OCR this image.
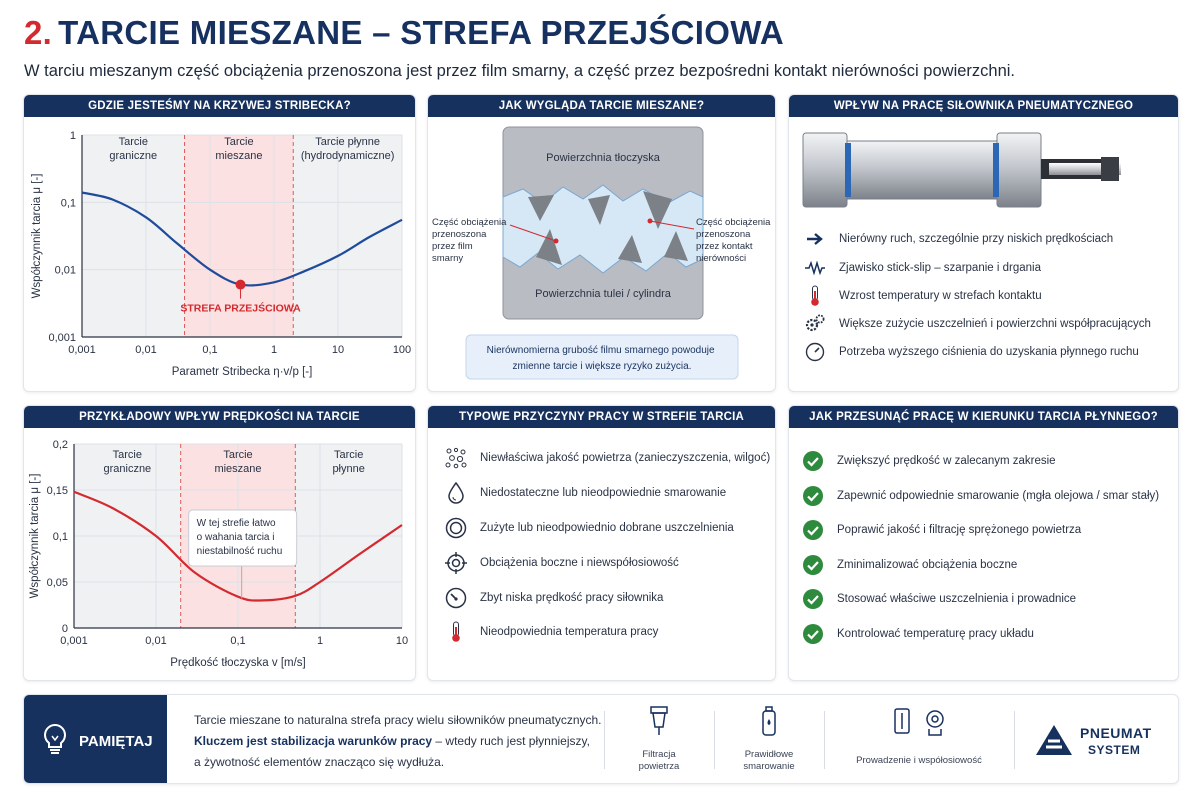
2. TARCIE MIESZANE – STREFA PRZEJŚCIOWA
W tarciu mieszanym część obciążenia przenoszona jest przez film smarny, a część przez bezpośredni kontakt nierówności powierzchni.
GDZIE JESTEŚMY NA KRZYWEJ STRIBECKA?
0,001	0,01	0,1	1	10	100
1
0,1
0,01
0,001
Tarcie
graniczne
Tarcie
mieszane
Tarcie płynne
(hydrodynamiczne)
STREFA PRZEJŚCIOWA
Parametr Stribecka η·v/p [-]
Współczynnik tarcia μ [-]
JAK WYGLĄDA TARCIE MIESZANE?
Powierzchnia tłoczyska
Powierzchnia tulei / cylindra
Część obciążenia przenoszona przez film smarny
Część obciążenia przenoszona przez kontakt nierówności
Nierównomierna grubość filmu smarnego powoduje zmienne tarcie i większe ryzyko zużycia.
WPŁYW NA PRACĘ SIŁOWNIKA PNEUMATYCZNEGO
Nierówny ruch, szczególnie przy niskich prędkościach
Zjawisko stick-slip – szarpanie i drgania
Wzrost temperatury w strefach kontaktu
Większe zużycie uszczelnień i powierzchni współpracujących
Potrzeba wyższego ciśnienia do uzyskania płynnego ruchu
PRZYKŁADOWY WPŁYW PRĘDKOŚCI NA TARCIE
0,001	0,01	0,1	1	10
0,2
0,15
0,1
0,05
0
Tarcie
graniczne
Tarcie
mieszane
Tarcie
płynne
W tej strefie łatwo
o wahania tarcia i
niestabilność ruchu
Prędkość tłoczyska v [m/s]
Współczynnik tarcia μ [-]
TYPOWE PRZYCZYNY PRACY W STREFIE TARCIA MIESZANEGO
Niewłaściwa jakość powietrza (zanieczyszczenia, wilgoć)
Niedostateczne lub nieodpowiednie smarowanie
Zużyte lub nieodpowiednio dobrane uszczelnienia
Obciążenia boczne i niewspółosiowość
Zbyt niska prędkość pracy siłownika
Nieodpowiednia temperatura pracy
JAK PRZESUNĄĆ PRACĘ W KIERUNKU TARCIA PŁYNNEGO?
Zwiększyć prędkość w zalecanym zakresie
Zapewnić odpowiednie smarowanie (mgła olejowa / smar stały)
Poprawić jakość i filtrację sprężonego powietrza
Zminimalizować obciążenia boczne
Stosować właściwe uszczelnienia i prowadnice
Kontrolować temperaturę pracy układu
PAMIĘTAJ
Tarcie mieszane to naturalna strefa pracy wielu siłowników pneumatycznych.
Kluczem jest stabilizacja warunków pracy – wtedy ruch jest płynniejszy,
a żywotność elementów znacząco się wydłuża.
Filtracja
powietrza
Prawidłowe
smarowanie
Prowadzenie i współosiowość
PNEUMAT
SYSTEM
